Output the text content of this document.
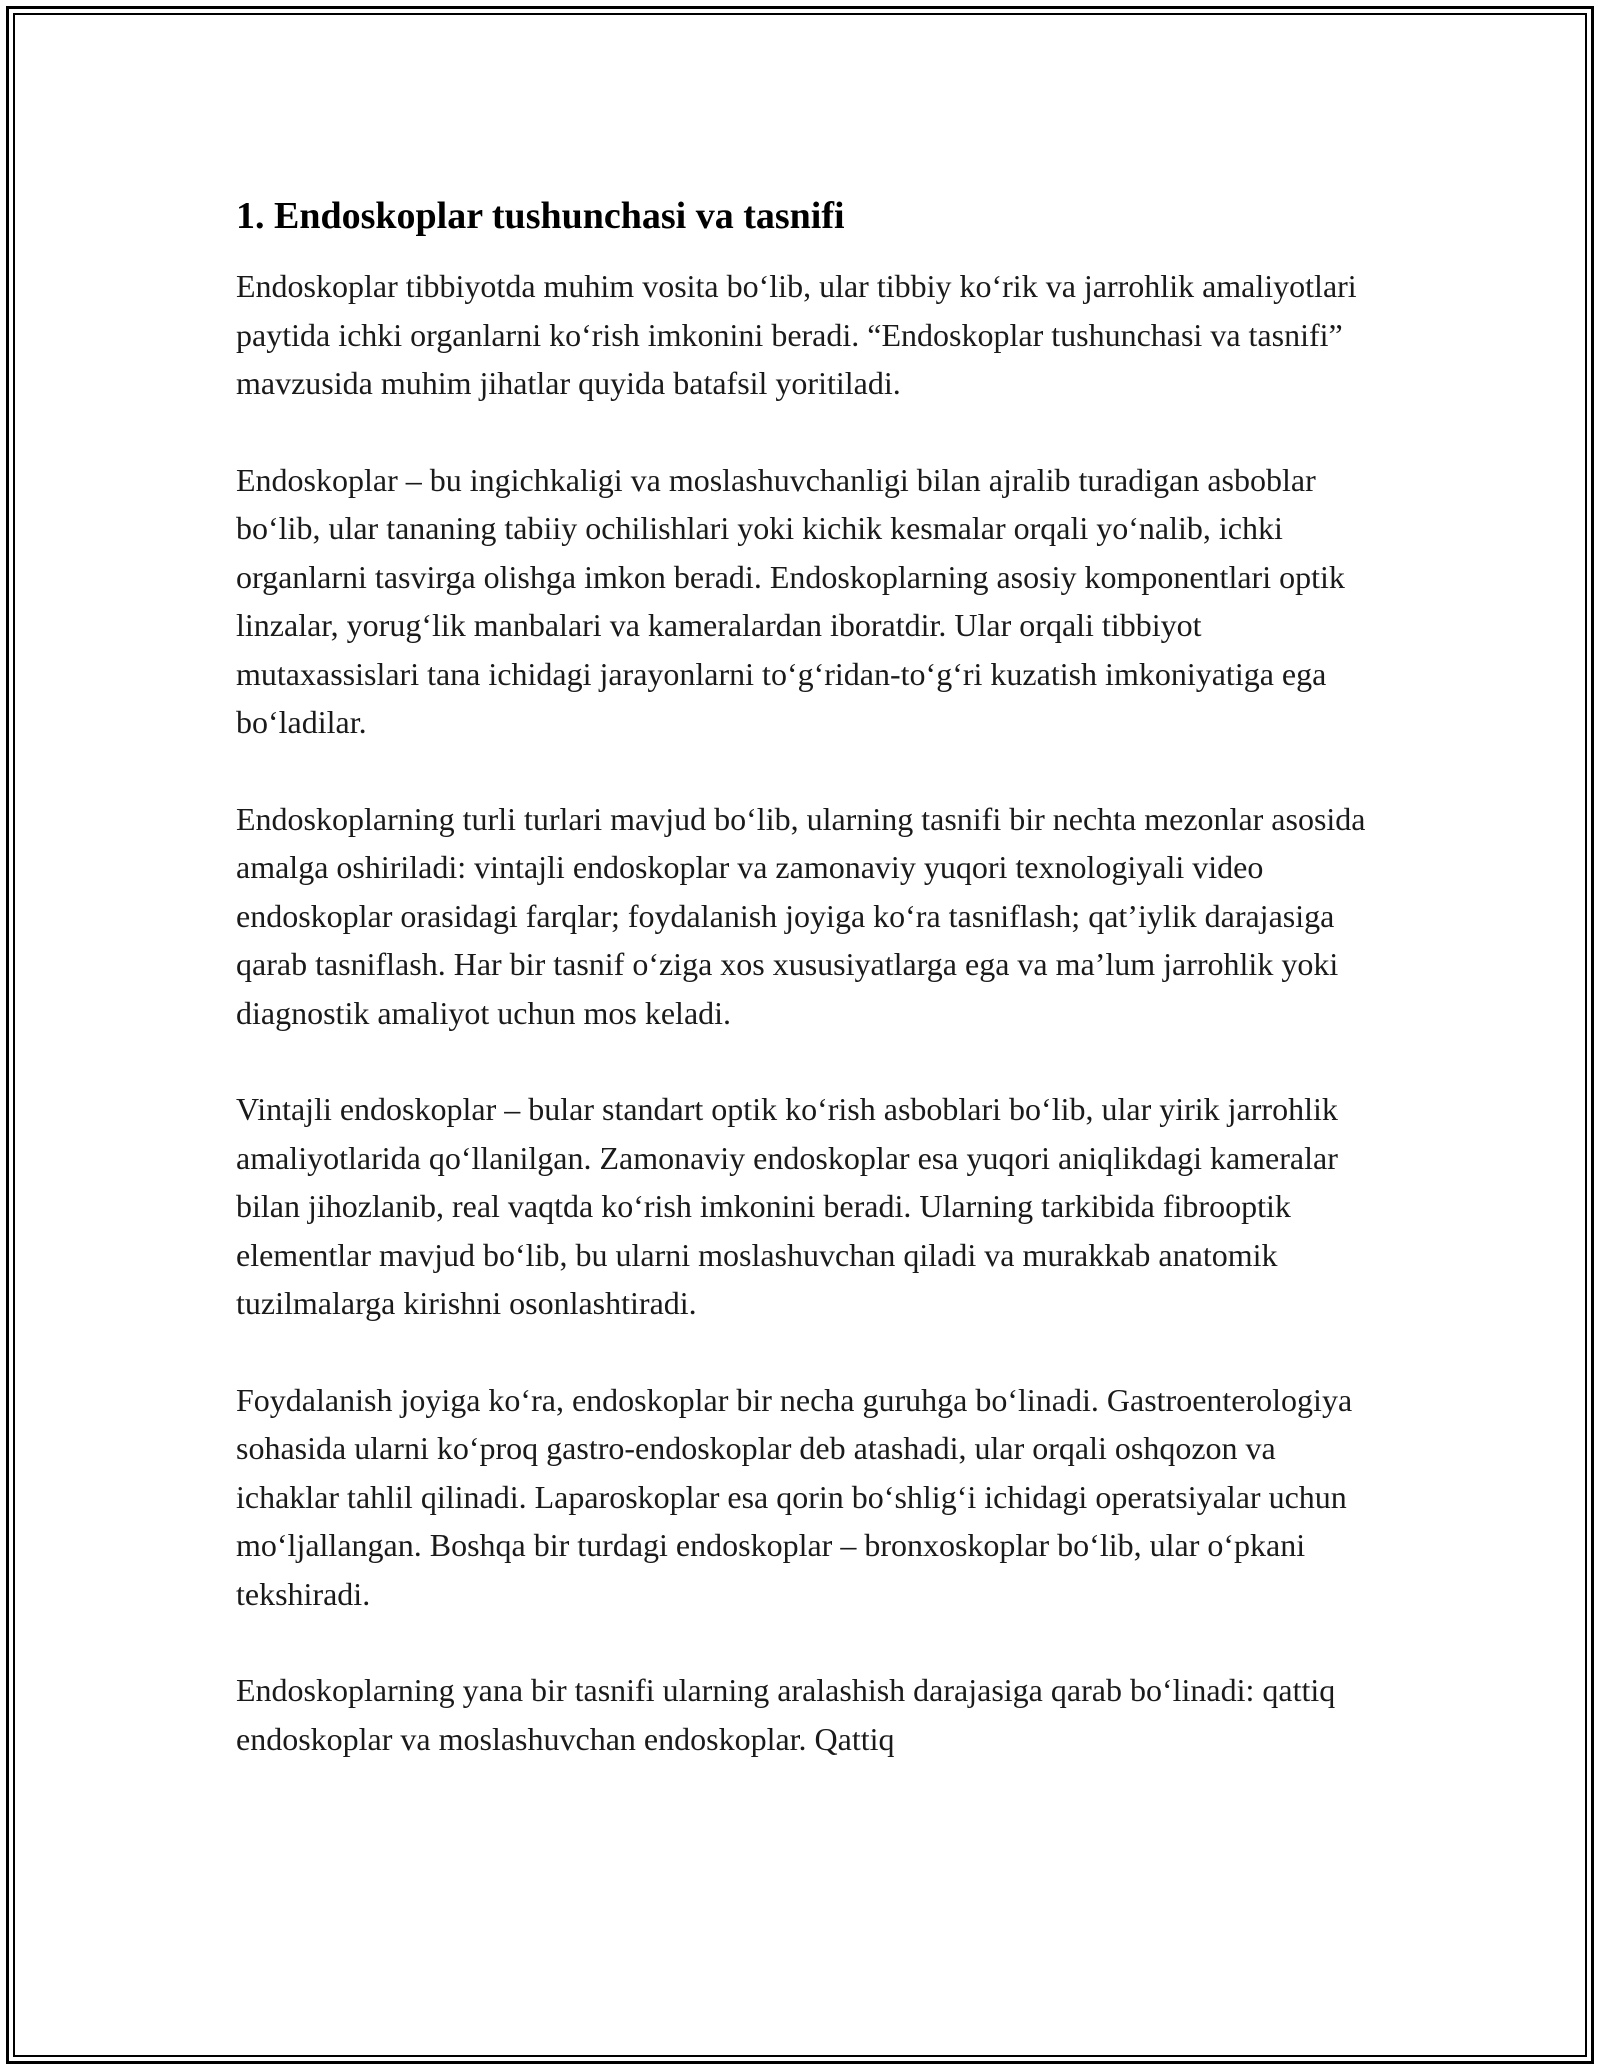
1. Endoskoplar tushunchasi va tasnifi

Endoskoplar tibbiyotda muhim vosita bo‘lib, ular tibbiy ko‘rik va jarrohlik amaliyotlari paytida ichki organlarni ko‘rish imkonini beradi. “Endoskoplar tushunchasi va tasnifi” mavzusida muhim jihatlar quyida batafsil yoritiladi.

Endoskoplar – bu ingichkaligi va moslashuvchanligi bilan ajralib turadigan asboblar bo‘lib, ular tananing tabiiy ochilishlari yoki kichik kesmalar orqali yo‘nalib, ichki organlarni tasvirga olishga imkon beradi. Endoskoplarning asosiy komponentlari optik linzalar, yorug‘lik manbalari va kameralardan iboratdir. Ular orqali tibbiyot mutaxassislari tana ichidagi jarayonlarni to‘g‘ridan-to‘g‘ri kuzatish imkoniyatiga ega bo‘ladilar.

Endoskoplarning turli turlari mavjud bo‘lib, ularning tasnifi bir nechta mezonlar asosida amalga oshiriladi: vintajli endoskoplar va zamonaviy yuqori texnologiyali video endoskoplar orasidagi farqlar; foydalanish joyiga ko‘ra tasniflash; qat’iylik darajasiga qarab tasniflash. Har bir tasnif o‘ziga xos xususiyatlarga ega va ma’lum jarrohlik yoki diagnostik amaliyot uchun mos keladi.

Vintajli endoskoplar – bular standart optik ko‘rish asboblari bo‘lib, ular yirik jarrohlik amaliyotlarida qo‘llanilgan. Zamonaviy endoskoplar esa yuqori aniqlikdagi kameralar bilan jihozlanib, real vaqtda ko‘rish imkonini beradi. Ularning tarkibida fibrooptik elementlar mavjud bo‘lib, bu ularni moslashuvchan qiladi va murakkab anatomik tuzilmalarga kirishni osonlashtiradi.

Foydalanish joyiga ko‘ra, endoskoplar bir necha guruhga bo‘linadi. Gastroenterologiya sohasida ularni ko‘proq gastro-endoskoplar deb atashadi, ular orqali oshqozon va ichaklar tahlil qilinadi. Laparoskoplar esa qorin bo‘shlig‘i ichidagi operatsiyalar uchun mo‘ljallangan. Boshqa bir turdagi endoskoplar – bronxoskoplar bo‘lib, ular o‘pkani tekshiradi.

Endoskoplarning yana bir tasnifi ularning aralashish darajasiga qarab bo‘linadi: qattiq endoskoplar va moslashuvchan endoskoplar. Qattiq
